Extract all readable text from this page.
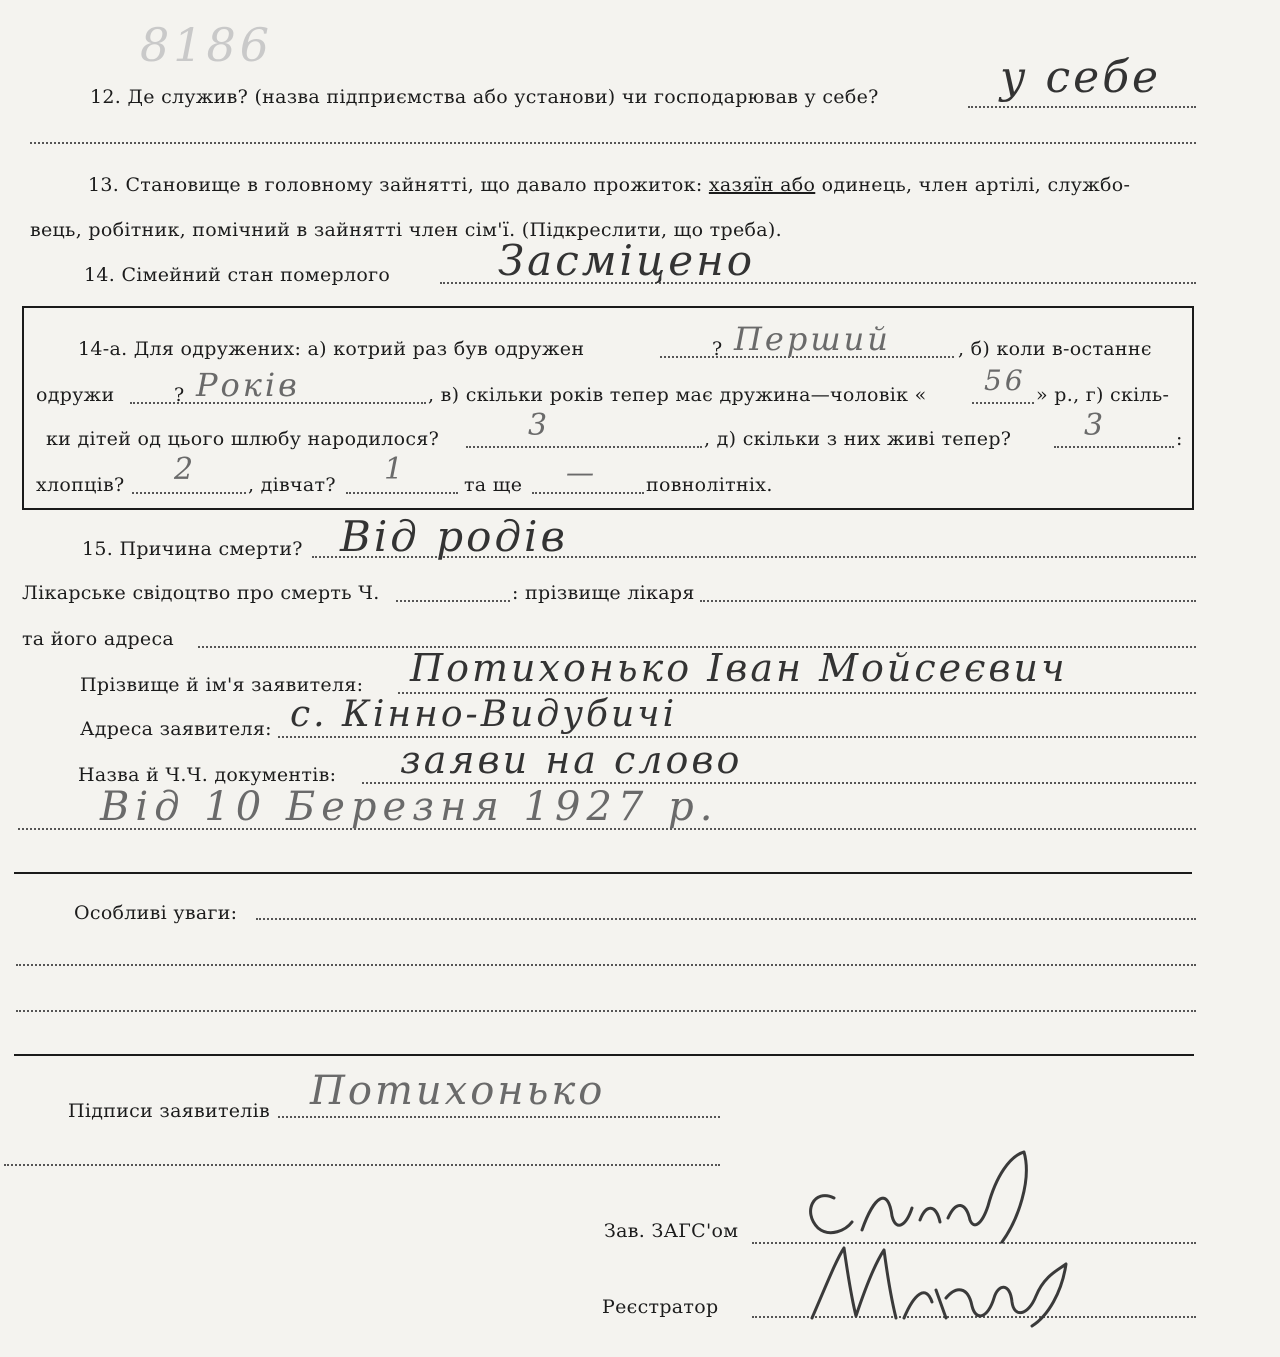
8186
12. Де служив? (назва підприємства або установи) чи господарював у себе?	у себе
13. Становище в головному зайнятті, що давало прожиток: хазяїн або одинець, член артілі, службо-
вець, робітник, помічний в зайнятті член сім'ї. (Підкреслити, що треба).
14. Сімейний стан померлого	Засміцено
14-а. Для одружених: а) котрий раз був одружен	? Перший	, б) коли в-останнє
одружи	? Років	, в) скільки років тепер має дружина—чоловік « 56 » р., г) скіль-
ки дітей од цього шлюбу народилося?	3	, д) скільки з них живі тепер? 3	:
хлопців? 2	, дівчат? 1	та ще —	повнолітніх.
15. Причина смерти? Від родів
Лікарське свідоцтво про смерть Ч.	: прізвище лікаря
та його адреса
Прізвище й ім'я заявителя: Потихонько Іван Мойсеєвич
Адреса заявителя: с. Кінно-Видубичі
Назва й Ч.Ч. документів: заяви на слово
Від 10 Березня 1927 р.
Особливі уваги:
Підписи заявителів Потихонько
Зав. ЗАГС'ом
Реєстратор
